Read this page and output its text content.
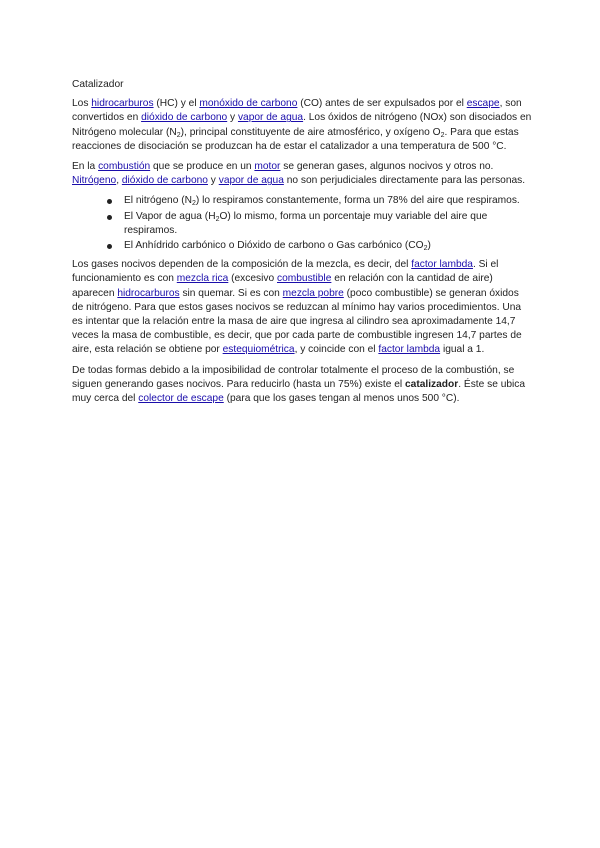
Catalizador

Los hidrocarburos (HC) y el monóxido de carbono (CO) antes de ser expulsados por el escape, son convertidos en dióxido de carbono y vapor de agua. Los óxidos de nitrógeno (NOx) son disociados en Nitrógeno molecular $(N_2)$, principal constituyente de aire atmosférico, y oxígeno $O_2$. Para que estas reacciones de disociación se produzcan ha de estar el catalizador a una temperatura de 500 °C.

En la combustión que se produce en un motor se generan gases, algunos nocivos y otros no. Nitrógeno, dióxido de carbono y vapor de agua no son perjudiciales directamente para las personas.

El nitrógeno $(N_2)$ lo respiramos constantemente, forma un 78% del aire que respiramos.
El Vapor de agua $(H_2O)$ lo mismo, forma un porcentaje muy variable del aire que respiramos.
El Anhídrido carbónico o Dióxido de carbono o Gas carbónico $(CO_2)$

Los gases nocivos dependen de la composición de la mezcla, es decir, del factor lambda. Si el funcionamiento es con mezcla rica (excesivo combustible en relación con la cantidad de aire) aparecen hidrocarburos sin quemar. Si es con mezcla pobre (poco combustible) se generan óxidos de nitrógeno. Para que estos gases nocivos se reduzcan al mínimo hay varios procedimientos. Una es intentar que la relación entre la masa de aire que ingresa al cilindro sea aproximadamente 14,7 veces la masa de combustible, es decir, que por cada parte de combustible ingresen 14,7 partes de aire, esta relación se obtiene por estequiométrica, y coincide con el factor lambda igual a 1.

De todas formas debido a la imposibilidad de controlar totalmente el proceso de la combustión, se siguen generando gases nocivos. Para reducirlo (hasta un 75%) existe el catalizador. Éste se ubica muy cerca del colector de escape (para que los gases tengan al menos unos 500 °C).
